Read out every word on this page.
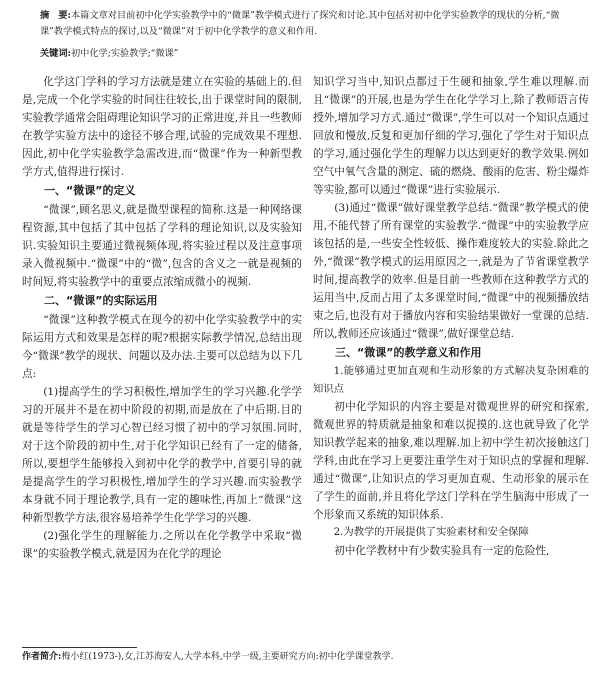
摘　要:本篇文章对目前初中化学实验教学中的“微课”教学模式进行了探究和讨论.其中包括对初中化学实验教学的现状的分析,“微课”教学模式特点的探讨,以及“微课”对于初中化学教学的意义和作用.
关键词:初中化学;实验教学;“微课”

化学这门学科的学习方法就是建立在实验的基础上的.但是,完成一个化学实验的时间往往较长,出于课堂时间的限制,实验教学通常会阻碍理论知识学习的正常进度,并且一些教师在教学实验方法中的途径不够合理,试验的完成效果不理想.因此,初中化学实验教学急需改进,而“微课”作为一种新型教学方式,值得进行探讨.

一、“微课”的定义

“微课”,顾名思义,就是微型课程的简称.这是一种网络课程资源,其中包括了其中包括了学科的理论知识,以及实验知识.实验知识主要通过微视频体现,将实验过程以及注意事项录入微视频中.“微课”中的“微”,包含的含义之一就是视频的时间短,将实验教学中的重要点浓缩成微小的视频.

二、“微课”的实际运用

“微课”这种教学模式在现今的初中化学实验教学中的实际运用方式和效果是怎样的呢?根据实际教学情况,总结出现今“微课”教学的现状、问题以及办法.主要可以总结为以下几点:

(1)提高学生的学习积极性,增加学生的学习兴趣.化学学习的开展并不是在初中阶段的初期,而是放在了中后期.目的就是等待学生的学习心智已经习惯了初中的学习氛围.同时,对于这个阶段的初中生,对于化学知识已经有了一定的储备,所以,要想学生能够投入到初中化学的教学中,首要引导的就是提高学生的学习积极性,增加学生的学习兴趣.而实验教学本身就不同于理论教学,具有一定的趣味性,再加上“微课”这种新型教学方法,很容易培养学生化学学习的兴趣.

(2)强化学生的理解能力.之所以在化学教学中采取“微课”的实验教学模式,就是因为在化学的理论

知识学习当中,知识点都过于生硬和抽象,学生难以理解.而且“微课”的开展,也是为学生在化学学习上,除了教师语言传授外,增加学习方式.通过“微课”,学生可以对一个知识点通过回放和慢放,反复和更加仔细的学习,强化了学生对于知识点的学习,通过强化学生的理解力以达到更好的教学效果.例如空气中氧气含量的测定、硫的燃烧、酸雨的危害、粉尘爆炸等实验,都可以通过“微课”进行实验展示.

(3)通过“微课”做好课堂教学总结.“微课”教学模式的使用,不能代替了所有课堂的实验教学.“微课”中的实验教学应该包括的是,一些安全性较低、操作难度较大的实验.除此之外,“微课”教学模式的运用原因之一,就是为了节省课堂教学时间,提高教学的效率.但是目前一些教师在这种教学方式的运用当中,反而占用了太多课堂时间,“微课”中的视频播放结束之后,也没有对于播放内容和实验结果做好一堂课的总结.所以,教师还应该通过“微课”,做好课堂总结.

三、“微课”的教学意义和作用

1.能够通过更加直观和生动形象的方式解决复杂困难的知识点

初中化学知识的内容主要是对微观世界的研究和探索,微观世界的特质就是抽象和难以捉摸的.这也就导致了化学知识教学起来的抽象,难以理解.加上初中学生初次接触这门学科,由此在学习上更要注重学生对于知识点的掌握和理解.通过“微课”,让知识点的学习更加直观、生动形象的展示在了学生的面前,并且将化学这门学科在学生脑海中形成了一个形象而又系统的知识体系.

2.为教学的开展提供了实验素材和安全保障

初中化学教材中有少数实验具有一定的危险性,

作者简介:梅小红(1973-),女,江苏海安人,大学本科,中学一级,主要研究方向:初中化学课堂教学.
